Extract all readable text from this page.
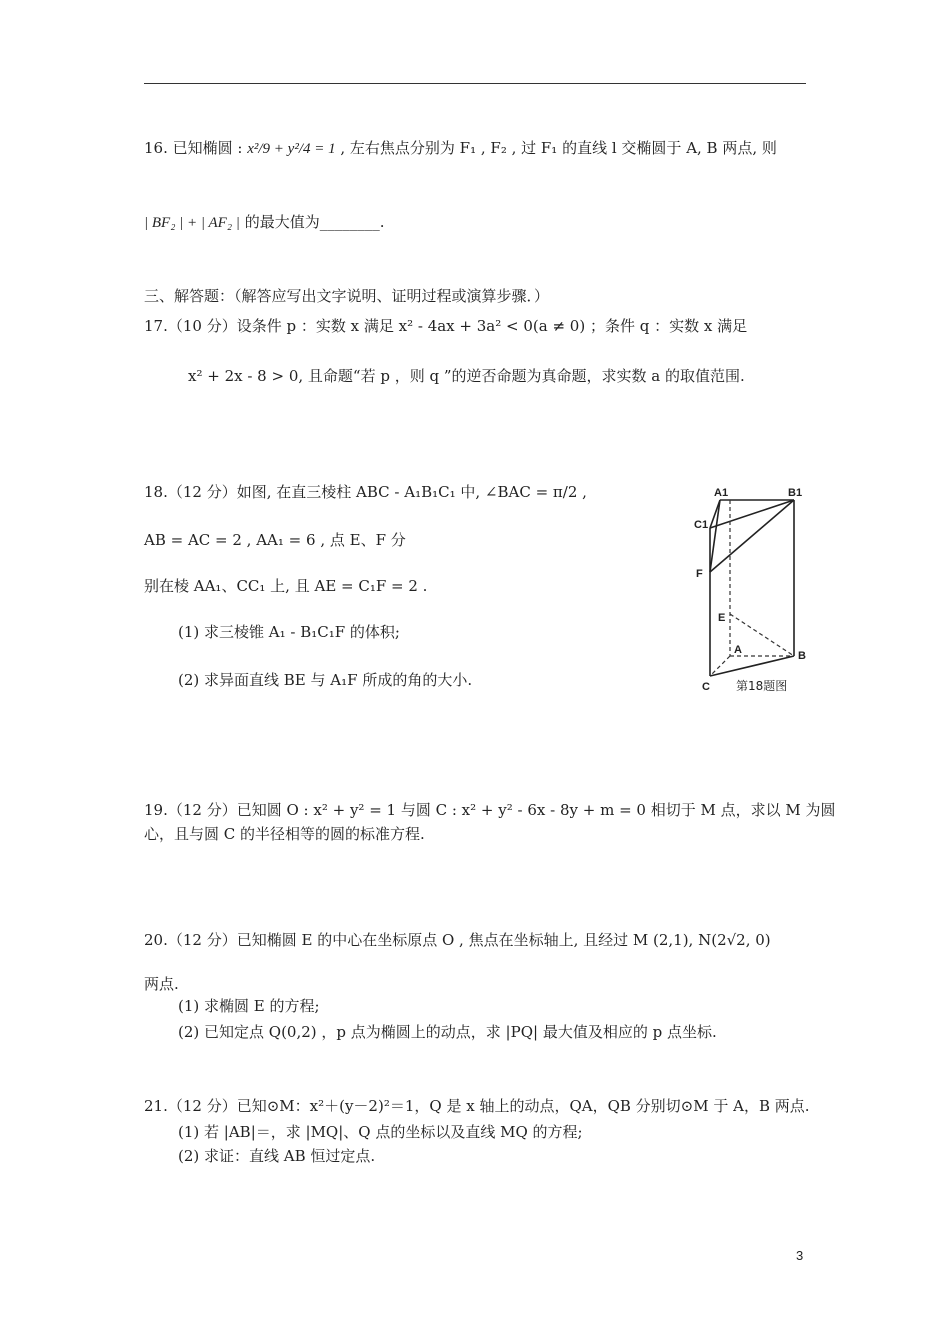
16. 已知椭圆 : x²/9 + y²/4 = 1 , 左右焦点分别为 F₁ , F₂ , 过 F₁ 的直线 l 交椭圆于 A, B 两点, 则
| BF₂ | + | AF₂ | 的最大值为________.
三、解答题：（解答应写出文字说明、证明过程或演算步骤．）
17.（10 分）设条件 p ：实数 x 满足 x² - 4ax + 3a² < 0(a ≠ 0) ；条件 q ：实数 x 满足
x² + 2x - 8 > 0, 且命题“若 p ，则 q ”的逆否命题为真命题，求实数 a 的取值范围.
18.（12 分）如图, 在直三棱柱 ABC - A₁B₁C₁ 中, ∠BAC = π/2 ,
AB = AC = 2 , AA₁ = 6 , 点 E、F 分
别在棱 AA₁、CC₁ 上, 且 AE = C₁F = 2 .
(1) 求三棱锥 A₁ - B₁C₁F 的体积;
(2) 求异面直线 BE 与 A₁F 所成的角的大小.
A1	B1
C1
F
E
A	B
C 第18题图
19.（12 分）已知圆 O : x² + y² = 1 与圆 C : x² + y² - 6x - 8y + m = 0 相切于 M 点，求以 M 为圆
心，且与圆 C 的半径相等的圆的标准方程.
20.（12 分）已知椭圆 E 的中心在坐标原点 O , 焦点在坐标轴上, 且经过 M (2,1), N(2√2, 0)
两点.
(1) 求椭圆 E 的方程;
(2) 已知定点 Q(0,2) ，p 点为椭圆上的动点，求 |PQ| 最大值及相应的 p 点坐标.
21.（12 分）已知⊙M：x²＋(y－2)²＝1，Q 是 x 轴上的动点，QA，QB 分别切⊙M 于 A，B 两点.
(1) 若 |AB|＝，求 |MQ|、Q 点的坐标以及直线 MQ 的方程;
(2) 求证：直线 AB 恒过定点.
3
